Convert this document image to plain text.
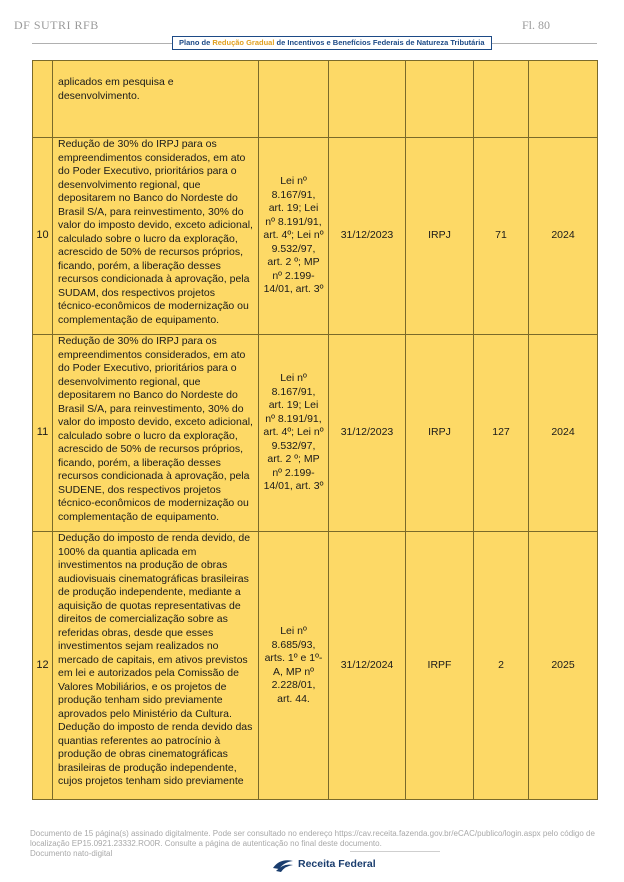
DF SUTRI RFB	Fl. 80
Plano de Redução Gradual de Incentivos e Benefícios Federais de Natureza Tributária
	aplicados em pesquisa e desenvolvimento.					
10	Redução de 30% do IRPJ para os empreendimentos considerados, em ato do Poder Executivo, prioritários para o desenvolvimento regional, que depositarem no Banco do Nordeste do Brasil S/A, para reinvestimento, 30% do valor do imposto devido, exceto adicional, calculado sobre o lucro da exploração, acrescido de 50% de recursos próprios, ficando, porém, a liberação desses recursos condicionada à aprovação, pela SUDAM, dos respectivos projetos técnico-econômicos de modernização ou complementação de equipamento.	Lei nº 8.167/91, art. 19; Lei nº 8.191/91, art. 4º; Lei nº 9.532/97, art. 2 º; MP nº 2.199-14/01, art. 3º	31/12/2023	IRPJ	71	2024
11	Redução de 30% do IRPJ para os empreendimentos considerados, em ato do Poder Executivo, prioritários para o desenvolvimento regional, que depositarem no Banco do Nordeste do Brasil S/A, para reinvestimento, 30% do valor do imposto devido, exceto adicional, calculado sobre o lucro da exploração, acrescido de 50% de recursos próprios, ficando, porém, a liberação desses recursos condicionada à aprovação, pela SUDENE, dos respectivos projetos técnico-econômicos de modernização ou complementação de equipamento.	Lei nº 8.167/91, art. 19; Lei nº 8.191/91, art. 4º; Lei nº 9.532/97, art. 2 º; MP nº 2.199-14/01, art. 3º	31/12/2023	IRPJ	127	2024
12	Dedução do imposto de renda devido, de 100% da quantia aplicada em investimentos na produção de obras audiovisuais cinematográficas brasileiras de produção independente, mediante a aquisição de quotas representativas de direitos de comercialização sobre as referidas obras, desde que esses investimentos sejam realizados no mercado de capitais, em ativos previstos em lei e autorizados pela Comissão de Valores Mobiliários, e os projetos de produção tenham sido previamente aprovados pelo Ministério da Cultura. Dedução do imposto de renda devido das quantias referentes ao patrocínio à produção de obras cinematográficas brasileiras de produção independente, cujos projetos tenham sido previamente	Lei nº 8.685/93, arts. 1º e 1º-A, MP nº 2.228/01, art. 44.	31/12/2024	IRPF	2	2025
Documento de 15 página(s) assinado digitalmente. Pode ser consultado no endereço https://cav.receita.fazenda.gov.br/eCAC/publico/login.aspx pelo código de localização EP15.0921.23332.RO0R. Consulte a página de autenticação no final deste documento.
Documento nato-digital
Receita Federal
